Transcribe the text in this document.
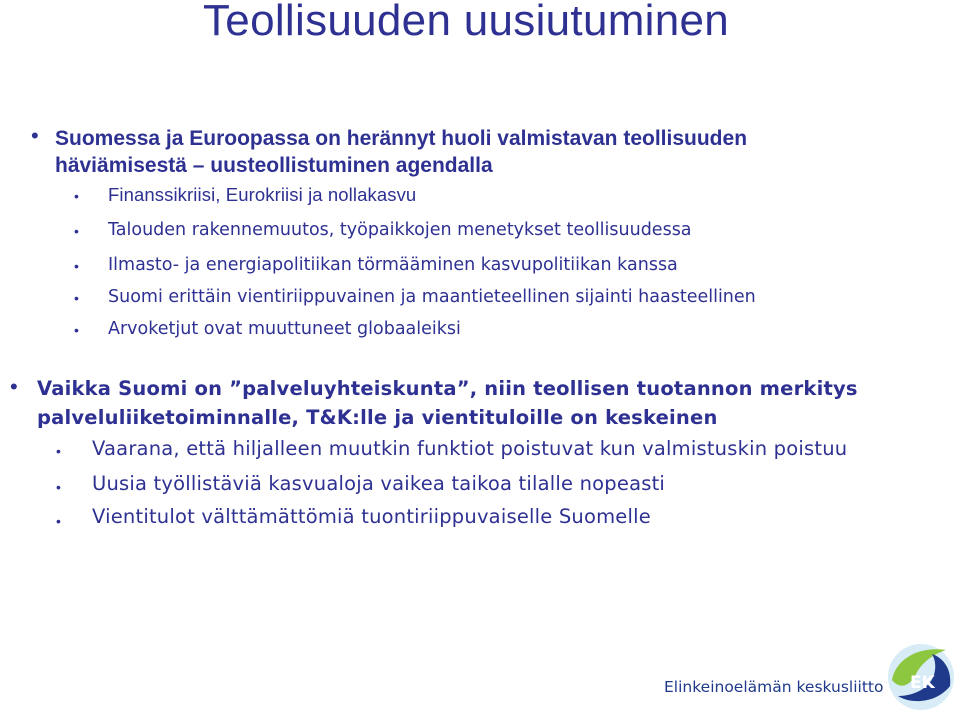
Teollisuuden uusiutuminen
• Suomessa ja Euroopassa on herännyt huoli valmistavan teollisuuden
häviämisestä – uusteollistuminen agendalla
• Finanssikriisi, Eurokriisi ja nollakasvu
• Talouden rakennemuutos, työpaikkojen menetykset teollisuudessa
• Ilmasto- ja energiapolitiikan törmääminen kasvupolitiikan kanssa
• Suomi erittäin vientiriippuvainen ja maantieteellinen sijainti haasteellinen
• Arvoketjut ovat muuttuneet globaaleiksi
• Vaikka Suomi on ”palveluyhteiskunta”, niin teollisen tuotannon merkitys
palveluliiketoiminnalle, T&K:lle ja vientituloille on keskeinen
• Vaarana, että hiljalleen muutkin funktiot poistuvat kun valmistuskin poistuu
• Uusia työllistäviä kasvualoja vaikea taikoa tilalle nopeasti
• Vientitulot välttämättömiä tuontiriippuvaiselle Suomelle
Elinkeinoelämän keskusliitto EK
